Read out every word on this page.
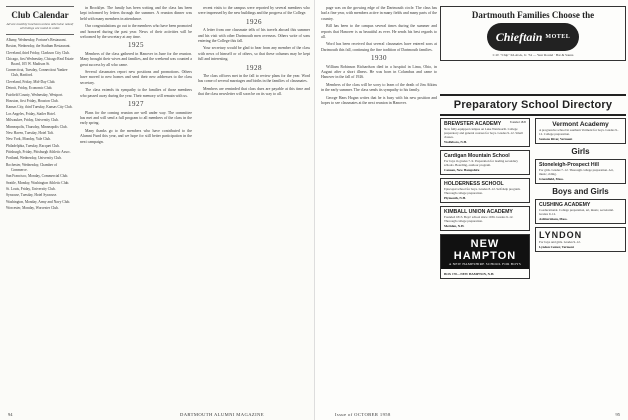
Club Calendar
All are monthly luncheon unless otherwise noted; all listings are noted in order.
Albany, Wednesday, Fortune's Restaurant.
Boston, Wednesday, the Stadium Restaurant.
Cleveland, third Friday, Clarkson City Club.
Chicago, first Wednesday, Chicago Real Estate Board, 105 W. Madison St.
Connecticut, Tuesday, Connecticut Yankee Club, Hartford.
Cleveland, Friday, Mid-Day Club.
Detroit, Friday, Economic Club.
Fairfield County, Wednesday, Westport.
Houston, first Friday, Houston Club.
Kansas City, third Tuesday, Kansas City Club.
Los Angeles, Friday, Statler Hotel.
Milwaukee, Friday, University Club.
Minneapolis, Thursday, Minneapolis Club.
New Haven, Tuesday, Hotel Taft.
New York, Monday, Yale Club.
Philadelphia, Tuesday, Racquet Club.
Pittsburgh, Friday, Pittsburgh Athletic Assoc.
Portland, Wednesday, University Club.
Rochester, Wednesday, Chamber of Commerce.
San Francisco, Monday, Commercial Club.
Seattle, Monday, Washington Athletic Club.
St. Louis, Friday, University Club.
Syracuse, Tuesday, Hotel Syracuse.
Washington, Monday, Army and Navy Club.
Worcester, Monday, Worcester Club.

in Brooklyn. The family has been writing and the class has been kept informed by letters through the summer. A reunion dinner was held with many members in attendance.

Our congratulations go out to the members who have been promoted and honored during the past year. News of their activities will be welcomed by the secretary at any time.

1925

Members of the class gathered in Hanover in June for the reunion. Many brought their wives and families, and the weekend was counted a great success by all who came.

Several classmates report new positions and promotions. Others have moved to new homes and send their new addresses to the class secretary.

The class extends its sympathy to the families of those members who passed away during the year. Their memory will remain with us.

1927

Plans for the coming reunion are well under way. The committee has met and will send a full program to all members of the class in the early spring.

Many thanks go to the members who have contributed to the Alumni Fund this year, and we hope for still better participation in the next campaign.

recent visits to the campus were reported by several members who were impressed by the new buildings and the progress of the College.

1926

A letter from one classmate tells of his travels abroad this summer and his visit with other Dartmouth men overseas. Others write of sons entering the College this fall.

Your secretary would be glad to hear from any member of the class with news of himself or of others, so that these columns may be kept full and interesting.

1928

The class officers met in the fall to review plans for the year. Word has come of several marriages and births in the families of classmates.

Members are reminded that class dues are payable at this time and that the class newsletter will soon be on its way to all.

94	DARTMOUTH ALUMNI MAGAZINE

page was on the growing edge of the Dartmouth circle. The class has had a fine year, with members active in many fields and many parts of the country.

Bill has been to the campus several times during the summer and reports that Hanover is as beautiful as ever. He sends his best regards to all.

Word has been received that several classmates have entered sons at Dartmouth this fall, continuing the fine tradition of Dartmouth families.

1930

William Robinson Richardson died in a hospital in Lima, Ohio, in August after a short illness. He was born in Columbus and came to Hanover in the fall of 1926.

Members of the class will be sorry to learn of the death of Jim Aikins in the early summer. The class sends its sympathy to his family.

George Hans Hogan writes that he is busy with his new position and hopes to see classmates at the next reunion in Hanover.

Dartmouth Families Choose the
Chieftain MOTEL
C.W. "Chip" KLAGG, Jr. '54 — Year Round · Bar & Sauna
Preparatory School Directory
BREWSTER ACADEMY	Founded 1820
New fully-equipped campus on Lake Wentworth. College preparatory and general courses for boys. Grades 9–12. Small classes.
Wolfeboro, N.H.
Cardigan Mountain School
For boys in grades 7–9. Preparation for leading secondary schools. Boarding, outdoor program.
Canaan, New Hampshire
HOLDERNESS SCHOOL
Episcopal school for boys. Grades 8–12. Self-help program. Thorough college preparation.
Plymouth, N.H.
KIMBALL UNION ACADEMY
Founded 1813. Boys' school since 1936. Grades 9–12. Thorough college preparation.
Meriden, N.H.
NEW HAMPTON
A NEW HAMPSHIRE SCHOOL FOR BOYS
BOX 170—NEW HAMPTON, N.H.
Vermont Academy
A progressive school in southern Vermont for boys. Grades 9–12. College preparation.
Saxtons River, Vermont
Girls
Stoneleigh-Prospect Hill
For girls. Grades 7–12. Thorough college preparation. Art, music, riding.
Greenfield, Mass.
Boys and Girls
CUSHING ACADEMY
Coeducational. College preparation, art, music, secretarial. Grades 9–12.
Ashburnham, Mass.
LYNDON
For boys and girls. Grades 9–12.
Lyndon Center, Vermont
Issue of OCTOBER 1958	95
